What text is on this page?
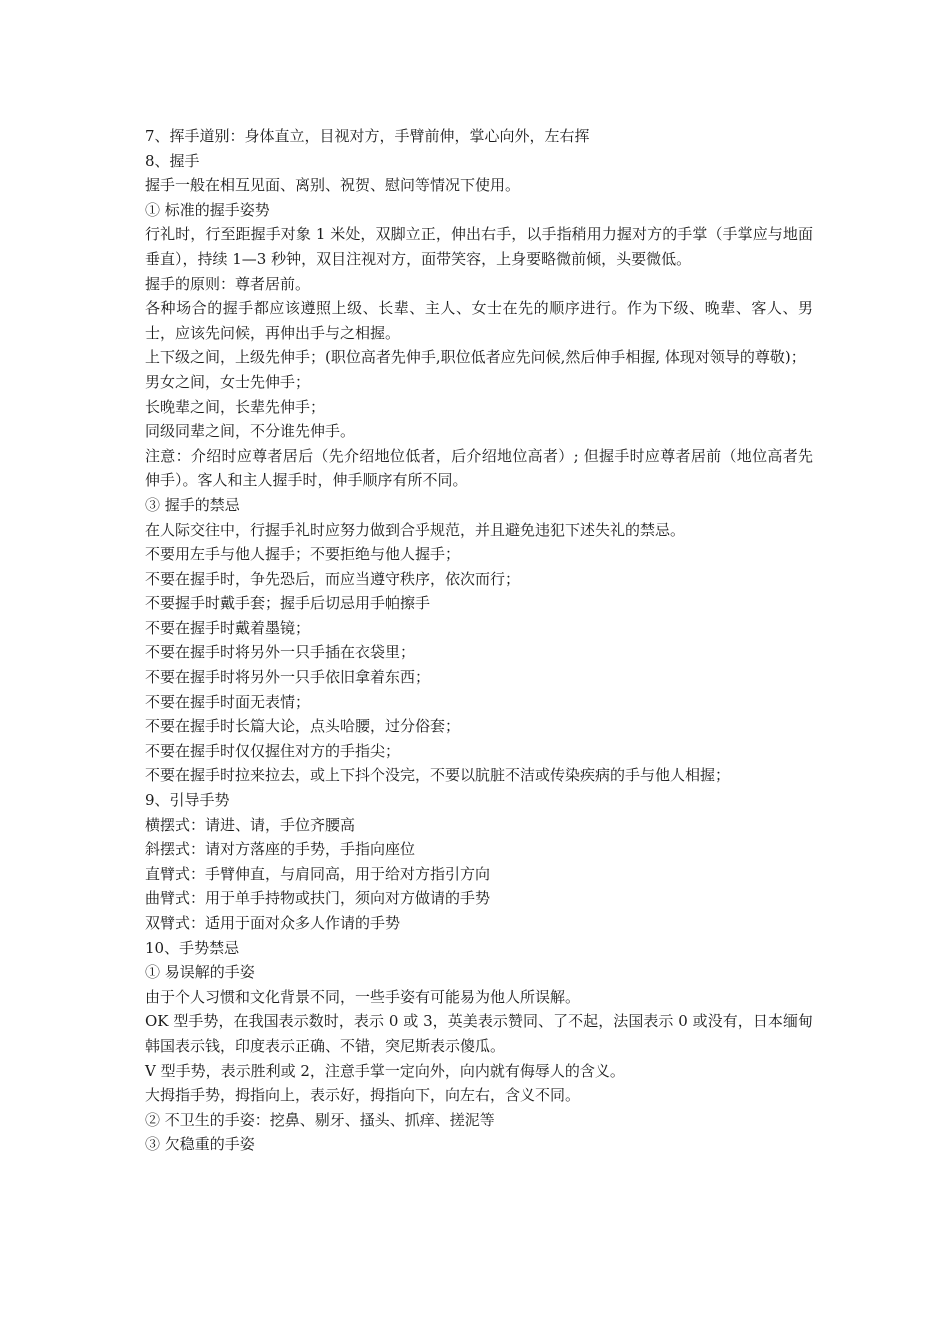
7、挥手道别：身体直立，目视对方，手臂前伸，掌心向外，左右挥

8、握手

握手一般在相互见面、离别、祝贺、慰问等情况下使用。

① 标准的握手姿势

行礼时，行至距握手对象 1 米处，双脚立正，伸出右手，以手指稍用力握对方的手掌（手掌应与地面垂直），持续 1—3 秒钟，双目注视对方，面带笑容，上身要略微前倾，头要微低。

握手的原则：尊者居前。

各种场合的握手都应该遵照上级、长辈、主人、女士在先的顺序进行。作为下级、晚辈、客人、男士，应该先问候，再伸出手与之相握。

上下级之间，上级先伸手；(职位高者先伸手,职位低者应先问候,然后伸手相握, 体现对领导的尊敬)；

男女之间，女士先伸手；

长晚辈之间，长辈先伸手；

同级同辈之间，不分谁先伸手。

注意：介绍时应尊者居后（先介绍地位低者，后介绍地位高者）; 但握手时应尊者居前（地位高者先伸手）。客人和主人握手时，伸手顺序有所不同。

③ 握手的禁忌

在人际交往中，行握手礼时应努力做到合乎规范，并且避免违犯下述失礼的禁忌。

不要用左手与他人握手；不要拒绝与他人握手；

不要在握手时，争先恐后，而应当遵守秩序，依次而行；

不要握手时戴手套；握手后切忌用手帕擦手

不要在握手时戴着墨镜；

不要在握手时将另外一只手插在衣袋里；

不要在握手时将另外一只手依旧拿着东西；

不要在握手时面无表情；

不要在握手时长篇大论，点头哈腰，过分俗套；

不要在握手时仅仅握住对方的手指尖；

不要在握手时拉来拉去，或上下抖个没完，不要以肮脏不洁或传染疾病的手与他人相握；

9、引导手势

横摆式：请进、请，手位齐腰高

斜摆式：请对方落座的手势，手指向座位

直臂式：手臂伸直，与肩同高，用于给对方指引方向

曲臂式：用于单手持物或扶门，须向对方做请的手势

双臂式：适用于面对众多人作请的手势

10、手势禁忌

① 易误解的手姿

由于个人习惯和文化背景不同，一些手姿有可能易为他人所误解。

OK 型手势，在我国表示数时，表示 0 或 3，英美表示赞同、了不起，法国表示 0 或没有，日本缅甸韩国表示钱，印度表示正确、不错，突尼斯表示傻瓜。

V 型手势，表示胜利或 2，注意手掌一定向外，向内就有侮辱人的含义。

大拇指手势，拇指向上，表示好，拇指向下，向左右，含义不同。

② 不卫生的手姿：挖鼻、剔牙、搔头、抓痒、搓泥等

③ 欠稳重的手姿
